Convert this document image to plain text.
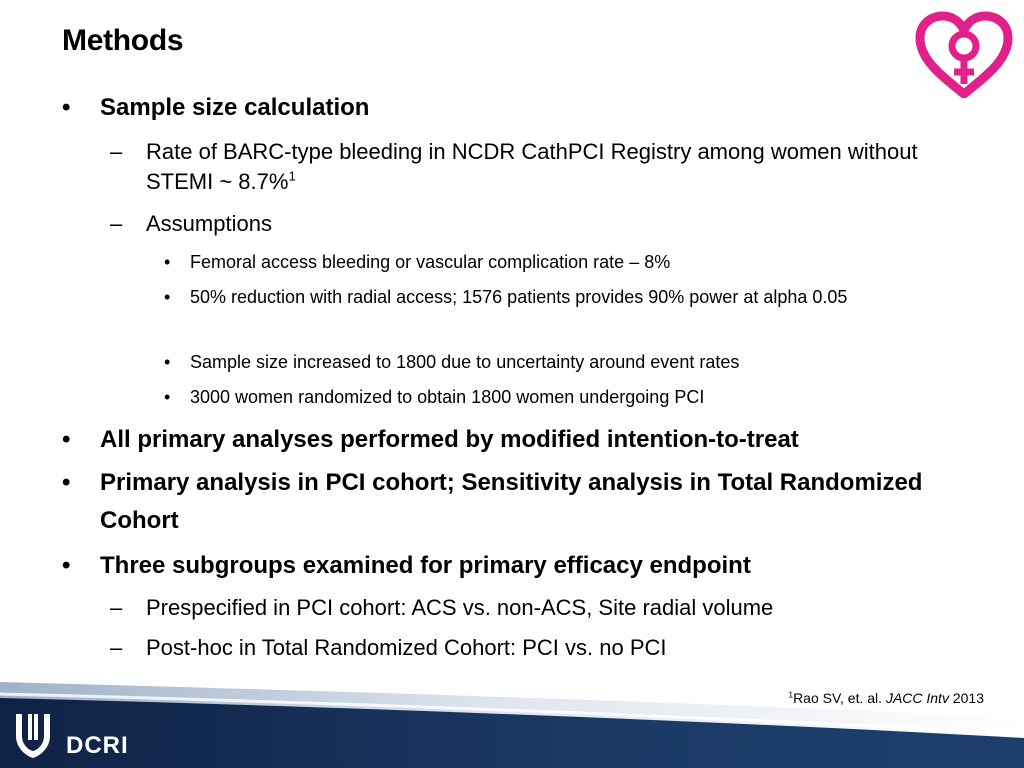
Methods
• Sample size calculation
– Rate of BARC-type bleeding in NCDR CathPCI Registry among women without STEMI ~ 8.7%$^1$
– Assumptions
• Femoral access bleeding or vascular complication rate – 8%
• 50% reduction with radial access; 1576 patients provides 90% power at alpha 0.05
• Sample size increased to 1800 due to uncertainty around event rates
• 3000 women randomized to obtain 1800 women undergoing PCI
• All primary analyses performed by modified intention-to-treat
• Primary analysis in PCI cohort; Sensitivity analysis in Total Randomized Cohort
• Three subgroups examined for primary efficacy endpoint
– Prespecified in PCI cohort: ACS vs. non-ACS, Site radial volume
– Post-hoc in Total Randomized Cohort: PCI vs. no PCI
DCRI
$^1$Rao SV, et. al. JACC Intv 2013
